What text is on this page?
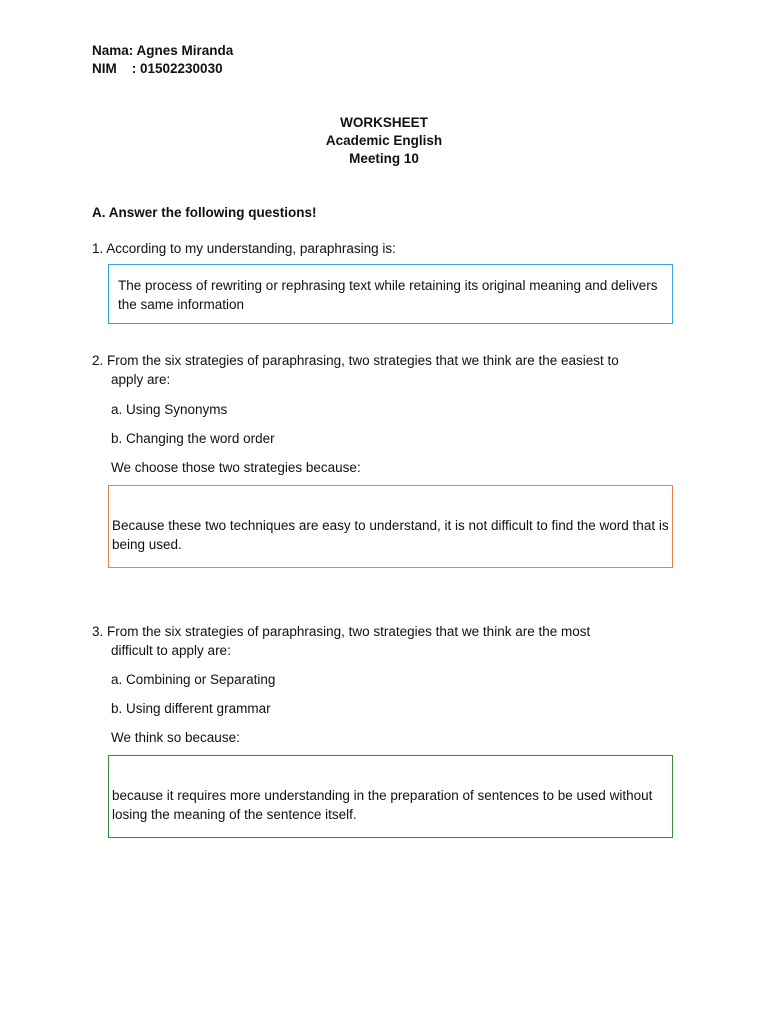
Nama: Agnes Miranda
NIM    : 01502230030
WORKSHEET
Academic English
Meeting 10
A. Answer the following questions!
1. According to my understanding, paraphrasing is:
The process of rewriting or rephrasing text while retaining its original meaning and delivers the same information
2. From the six strategies of paraphrasing, two strategies that we think are the easiest to
apply are:
a. Using Synonyms
b. Changing the word order
We choose those two strategies because:
Because these two techniques are easy to understand, it is not difficult to find the word that is being used.
3. From the six strategies of paraphrasing, two strategies that we think are the most
difficult to apply are:
a. Combining or Separating
b. Using different grammar
We think so because:
because it requires more understanding in the preparation of sentences to be used without losing the meaning of the sentence itself.
